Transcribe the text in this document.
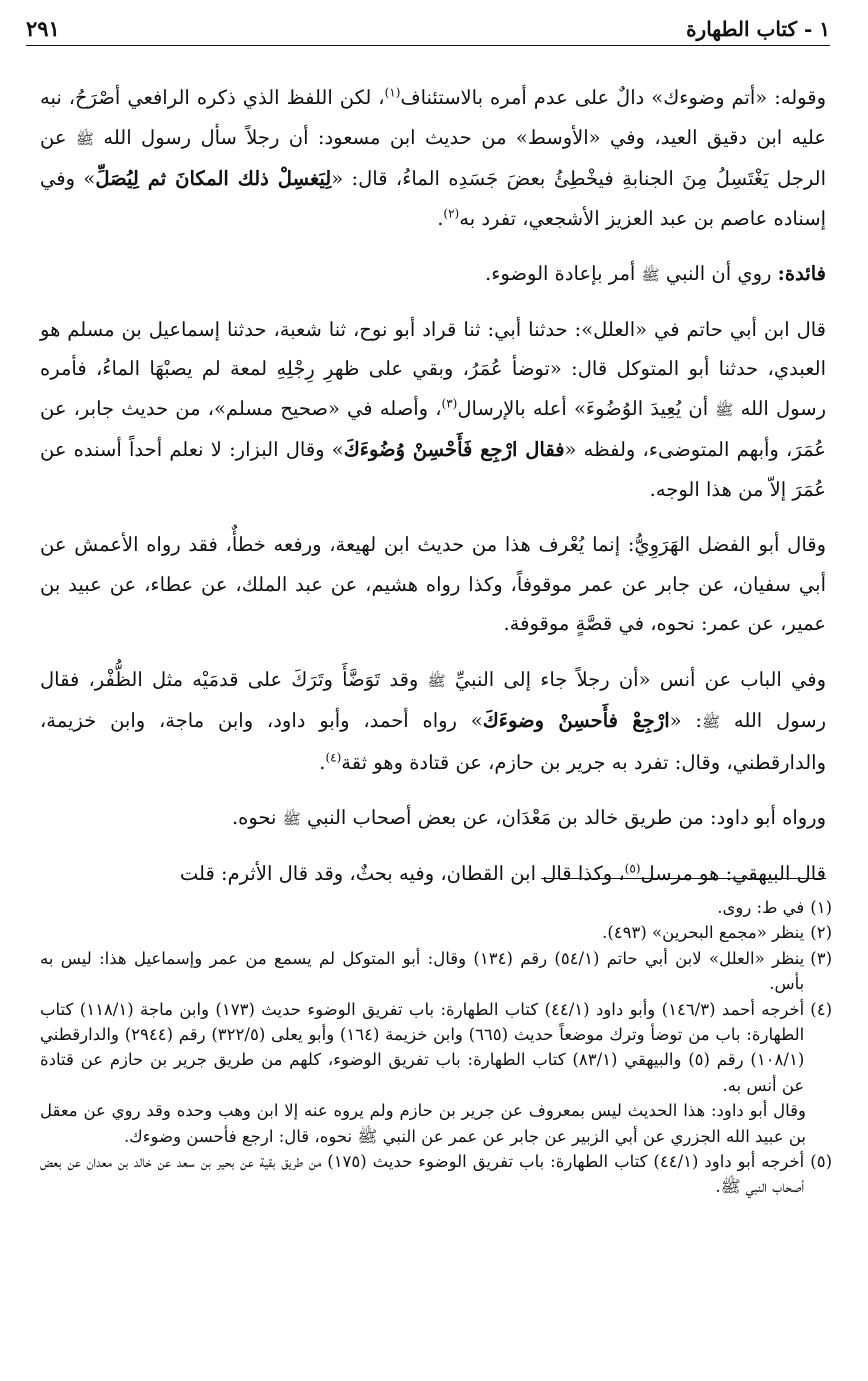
١ - كتاب الطهارة
٢٩١

وقوله: «أتم وضوءك» دالٌ على عدم أمره بالاستئناف$^{(١)}$، لكن اللفظ الذي ذكره الرافعي أصْرَحُ، نبه عليه ابن دقيق العيد، وفي «الأوسط» من حديث ابن مسعود: أن رجلاً سأل رسول الله ﷺ عن الرجل يَغْتَسِلُ مِنَ الجنابةِ فيخْطِئُ بعضَ جَسَدِه الماءُ، قال: «لِيَغسِلْ ذلك المكانَ ثم لِيُصَلِّ» وفي إسناده عاصم بن عبد العزيز الأشجعي، تفرد به$^{(٢)}$.

فائدة: روي أن النبي ﷺ أمر بإعادة الوضوء.

قال ابن أبي حاتم في «العلل»: حدثنا أبي: ثنا قراد أبو نوح، ثنا شعبة، حدثنا إسماعيل بن مسلم هو العبدي، حدثنا أبو المتوكل قال: «توضأ عُمَرُ، وبقي على ظهرِ رِجْلِهِ لمعة لم يصبْهَا الماءُ، فأمره رسول الله ﷺ أن يُعِيدَ الوُضُوءَ» أعله بالإرسال$^{(٣)}$، وأصله في «صحيح مسلم»، من حديث جابر، عن عُمَرَ، وأبهم المتوضىء، ولفظه «فقال ارْجِع فَأَحْسِنْ وُضُوءَكَ» وقال البزار: لا نعلم أحداً أسنده عن عُمَرَ إلاّ من هذا الوجه.

وقال أبو الفضل الهَرَوِيُّ: إنما يُعْرف هذا من حديث ابن لهيعة، ورفعه خطأٌ، فقد رواه الأعمش عن أبي سفيان، عن جابر عن عمر موقوفاً، وكذا رواه هشيم، عن عبد الملك، عن عطاء، عن عبيد بن عمير، عن عمر: نحوه، في قصَّةٍ موقوفة.

وفي الباب عن أنس «أن رجلاً جاء إلى النبيِّ ﷺ وقد تَوَضَّأَ وتَرَكَ على قدمَيْه مثل الظُّفْر، فقال رسول الله ﷺ: «ارْجِعْ فأَحسِنْ وضوءَكَ» رواه أحمد، وأبو داود، وابن ماجة، وابن خزيمة، والدارقطني، وقال: تفرد به جرير بن حازم، عن قتادة وهو ثقة$^{(٤)}$.

ورواه أبو داود: من طريق خالد بن مَعْدَان، عن بعض أصحاب النبي ﷺ نحوه.

قال البيهقي: هو مرسل$^{(٥)}$، وكذا قال ابن القطان، وفيه بحثٌ، وقد قال الأثرم: قلت

(١)
في ط: روى.
(٢)
ينظر «مجمع البحرين» (٤٩٣).
(٣)
ينظر «العلل» لابن أبي حاتم (٥٤/١) رقم (١٣٤) وقال: أبو المتوكل لم يسمع من عمر وإسماعيل هذا: ليس به بأس.
(٤)
أخرجه أحمد (١٤٦/٣) وأبو داود (٤٤/١) كتاب الطهارة: باب تفريق الوضوء حديث (١٧٣) وابن ماجة (١١٨/١) كتاب الطهارة: باب من توضأ وترك موضعاً حديث (٦٦٥) وابن خزيمة (١٦٤) وأبو يعلى (٣٢٢/٥) رقم (٢٩٤٤) والدارقطني (١٠٨/١) رقم (٥) والبيهقي (٨٣/١) كتاب الطهارة: باب تفريق الوضوء، كلهم من طريق جرير بن حازم عن قتادة عن أنس به.

وقال أبو داود: هذا الحديث ليس بمعروف عن جرير بن حازم ولم يروه عنه إلا ابن وهب وحده وقد روي عن معقل بن عبيد الله الجزري عن أبي الزبير عن جابر عن عمر عن النبي ﷺ نحوه، قال: ارجع فأحسن وضوءك.

(٥)
أخرجه أبو داود (٤٤/١) كتاب الطهارة: باب تفريق الوضوء حديث (١٧٥) من طريق بقية عن بحير بن سعد عن خالد بن معدان عن بعض أصحاب النبي ﷺ.
